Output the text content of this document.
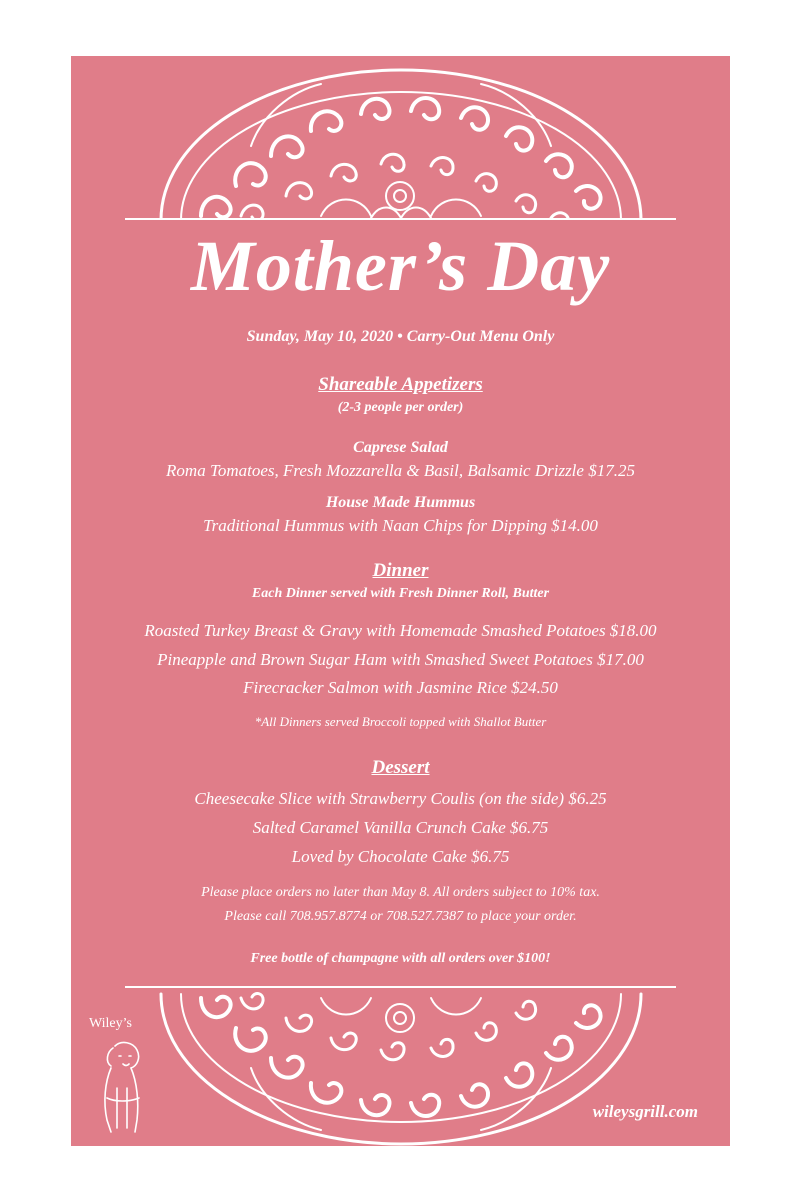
Mother’s Day
Sunday, May 10, 2020 • Carry-Out Menu Only
Shareable Appetizers
(2-3 people per order)
Caprese Salad
Roma Tomatoes, Fresh Mozzarella & Basil, Balsamic Drizzle $17.25
House Made Hummus
Traditional Hummus with Naan Chips for Dipping $14.00
Dinner
Each Dinner served with Fresh Dinner Roll, Butter
Roasted Turkey Breast & Gravy with Homemade Smashed Potatoes $18.00
Pineapple and Brown Sugar Ham with Smashed Sweet Potatoes $17.00
Firecracker Salmon with Jasmine Rice $24.50
*All Dinners served Broccoli topped with Shallot Butter
Dessert
Cheesecake Slice with Strawberry Coulis (on the side) $6.25
Salted Caramel Vanilla Crunch Cake $6.75
Loved by Chocolate Cake $6.75
Please place orders no later than May 8. All orders subject to 10% tax.
Please call 708.957.8774 or 708.527.7387 to place your order.
Free bottle of champagne with all orders over $100!
Wiley’s
wileysgrill.com
